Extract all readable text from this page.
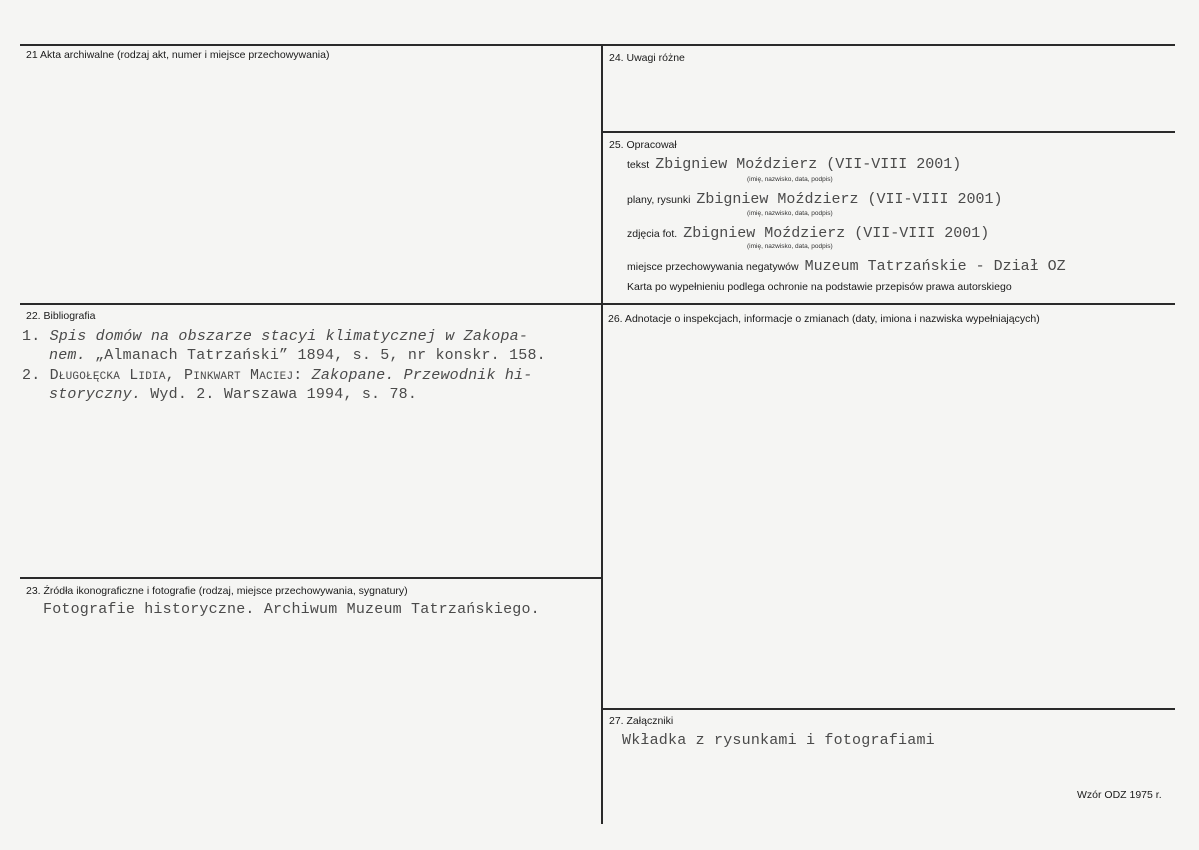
21 Akta archiwalne (rodzaj akt, numer i miejsce przechowywania)	24. Uwagi różne
25. Opracował
tekst Zbigniew Moździerz (VII-VIII 2001)
(imię, nazwisko, data, podpis)
plany, rysunki Zbigniew Moździerz (VII-VIII 2001)
(imię, nazwisko, data, podpis)
zdjęcia fot. Zbigniew Moździerz (VII-VIII 2001)
(imię, nazwisko, data, podpis)
miejsce przechowywania negatywów Muzeum Tatrzańskie - Dział OZ
Karta po wypełnieniu podlega ochronie na podstawie przepisów prawa autorskiego
22. Bibliografia
1. Spis domów na obszarze stacyi klimatycznej w Zakopa-
nem. „Almanach Tatrzański” 1894, s. 5, nr konskr. 158.
2. Długołęcka Lidia, Pinkwart Maciej: Zakopane. Przewodnik hi-
storyczny. Wyd. 2. Warszawa 1994, s. 78.
26. Adnotacje o inspekcjach, informacje o zmianach (daty, imiona i nazwiska wypełniających)
23. Źródła ikonograficzne i fotografie (rodzaj, miejsce przechowywania, sygnatury)
Fotografie historyczne. Archiwum Muzeum Tatrzańskiego.
27. Załączniki
Wkładka z rysunkami i fotografiami
Wzór ODZ 1975 r.
